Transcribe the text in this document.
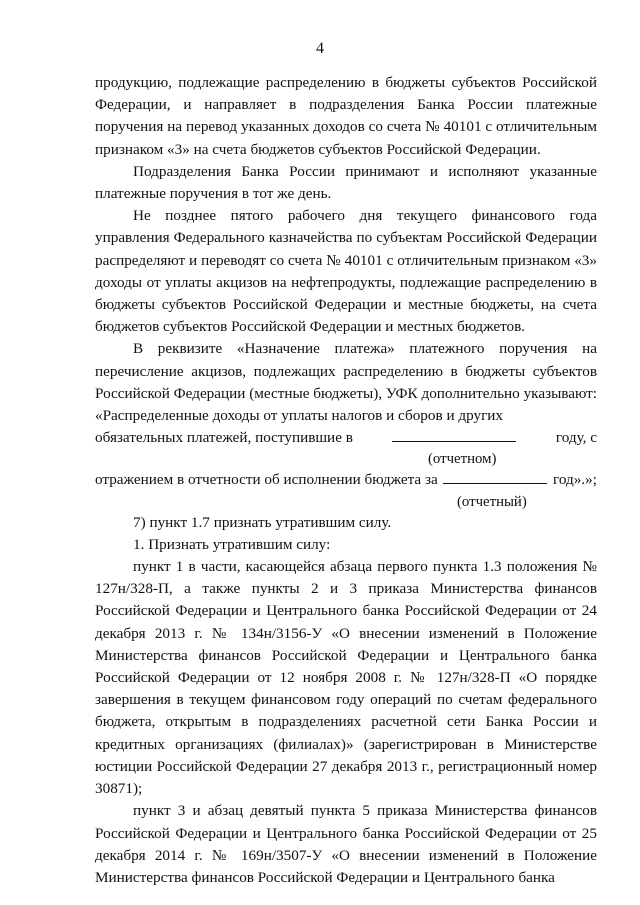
4

продукцию, подлежащие распределению в бюджеты субъектов Российской Федерации, и направляет в подразделения Банка России платежные поручения на перевод указанных доходов со счета № 40101 с отличительным признаком «3» на счета бюджетов субъектов Российской Федерации.

Подразделения Банка России принимают и исполняют указанные платежные поручения в тот же день.

Не позднее пятого рабочего дня текущего финансового года управления Федерального казначейства по субъектам Российской Федерации распределяют и переводят со счета № 40101 с отличительным признаком «3» доходы от уплаты акцизов на нефтепродукты, подлежащие распределению в бюджеты субъектов Российской Федерации и местные бюджеты, на счета бюджетов субъектов Российской Федерации и местных бюджетов.

В реквизите «Назначение платежа» платежного поручения на перечисление акцизов, подлежащих распределению в бюджеты субъектов Российской Федерации (местные бюджеты), УФК дополнительно указывают: «Распределенные доходы от уплаты налогов и сборов и других

обязательных платежей, поступившие в	году, с
(отчетном)
отражением в отчетности об исполнении бюджета за	год».»;
(отчетный)

7) пункт 1.7 признать утратившим силу.

1. Признать утратившим силу:

пункт 1 в части, касающейся абзаца первого пункта 1.3 положения № 127н/328-П, а также пункты 2 и 3 приказа Министерства финансов Российской Федерации и Центрального банка Российской Федерации от 24 декабря 2013 г. № 134н/3156-У «О внесении изменений в Положение Министерства финансов Российской Федерации и Центрального банка Российской Федерации от 12 ноября 2008 г. № 127н/328-П «О порядке завершения в текущем финансовом году операций по счетам федерального бюджета, открытым в подразделениях расчетной сети Банка России и кредитных организациях (филиалах)» (зарегистрирован в Министерстве юстиции Российской Федерации 27 декабря 2013 г., регистрационный номер 30871);

пункт 3 и абзац девятый пункта 5 приказа Министерства финансов Российской Федерации и Центрального банка Российской Федерации от 25 декабря 2014 г. № 169н/3507-У «О внесении изменений в Положение Министерства финансов Российской Федерации и Центрального банка
